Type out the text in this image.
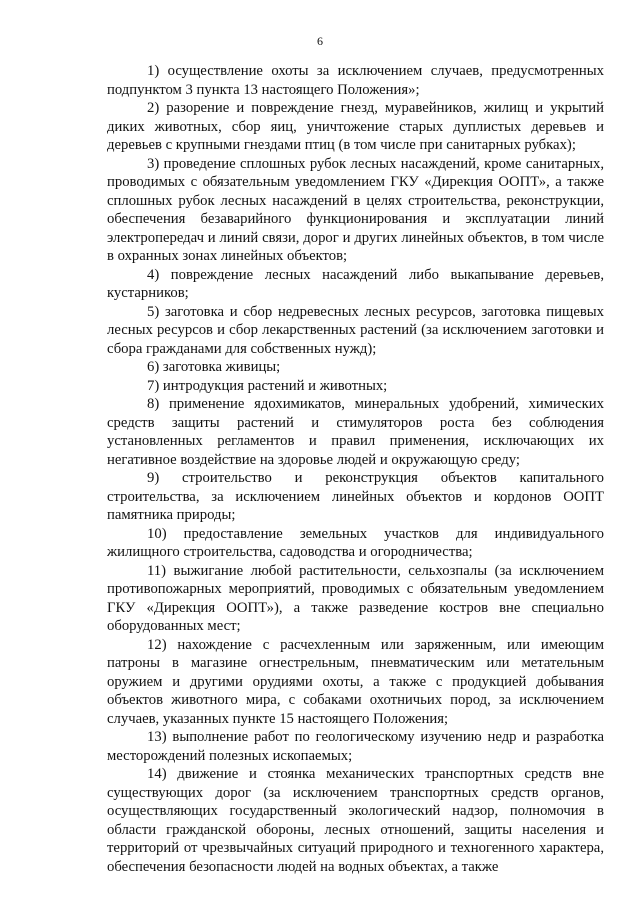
6

1) осуществление охоты за исключением случаев, предусмотренных подпунктом 3 пункта 13 настоящего Положения»;

2) разорение и повреждение гнезд, муравейников, жилищ и укрытий диких животных, сбор яиц, уничтожение старых дуплистых деревьев и деревьев с крупными гнездами птиц (в том числе при санитарных рубках);

3) проведение сплошных рубок лесных насаждений, кроме санитарных, проводимых с обязательным уведомлением ГКУ «Дирекция ООПТ», а также сплошных рубок лесных насаждений в целях строительства, реконструкции, обеспечения безаварийного функционирования и эксплуатации линий электропередач и линий связи, дорог и других линейных объектов, в том числе в охранных зонах линейных объектов;

4) повреждение лесных насаждений либо выкапывание деревьев, кустарников;

5) заготовка и сбор недревесных лесных ресурсов, заготовка пищевых лесных ресурсов и сбор лекарственных растений (за исключением заготовки и сбора гражданами для собственных нужд);

6) заготовка живицы;

7) интродукция растений и животных;

8) применение ядохимикатов, минеральных удобрений, химических средств защиты растений и стимуляторов роста без соблюдения установленных регламентов и правил применения, исключающих их негативное воздействие на здоровье людей и окружающую среду;

9) строительство и реконструкция объектов капитального строительства, за исключением линейных объектов и кордонов ООПТ памятника природы;

10) предоставление земельных участков для индивидуального жилищного строительства, садоводства и огородничества;

11) выжигание любой растительности, сельхозпалы (за исключением противопожарных мероприятий, проводимых с обязательным уведомлением ГКУ «Дирекция ООПТ»), а также разведение костров вне специально оборудованных мест;

12) нахождение с расчехленным или заряженным, или имеющим патроны в магазине огнестрельным, пневматическим или метательным оружием и другими орудиями охоты, а также с продукцией добывания объектов животного мира, с собаками охотничьих пород, за исключением случаев, указанных пункте 15 настоящего Положения;

13) выполнение работ по геологическому изучению недр и разработка месторождений полезных ископаемых;

14) движение и стоянка механических транспортных средств вне существующих дорог (за исключением транспортных средств органов, осуществляющих государственный экологический надзор, полномочия в области гражданской обороны, лесных отношений, защиты населения и территорий от чрезвычайных ситуаций природного и техногенного характера, обеспечения безопасности людей на водных объектах, а также
